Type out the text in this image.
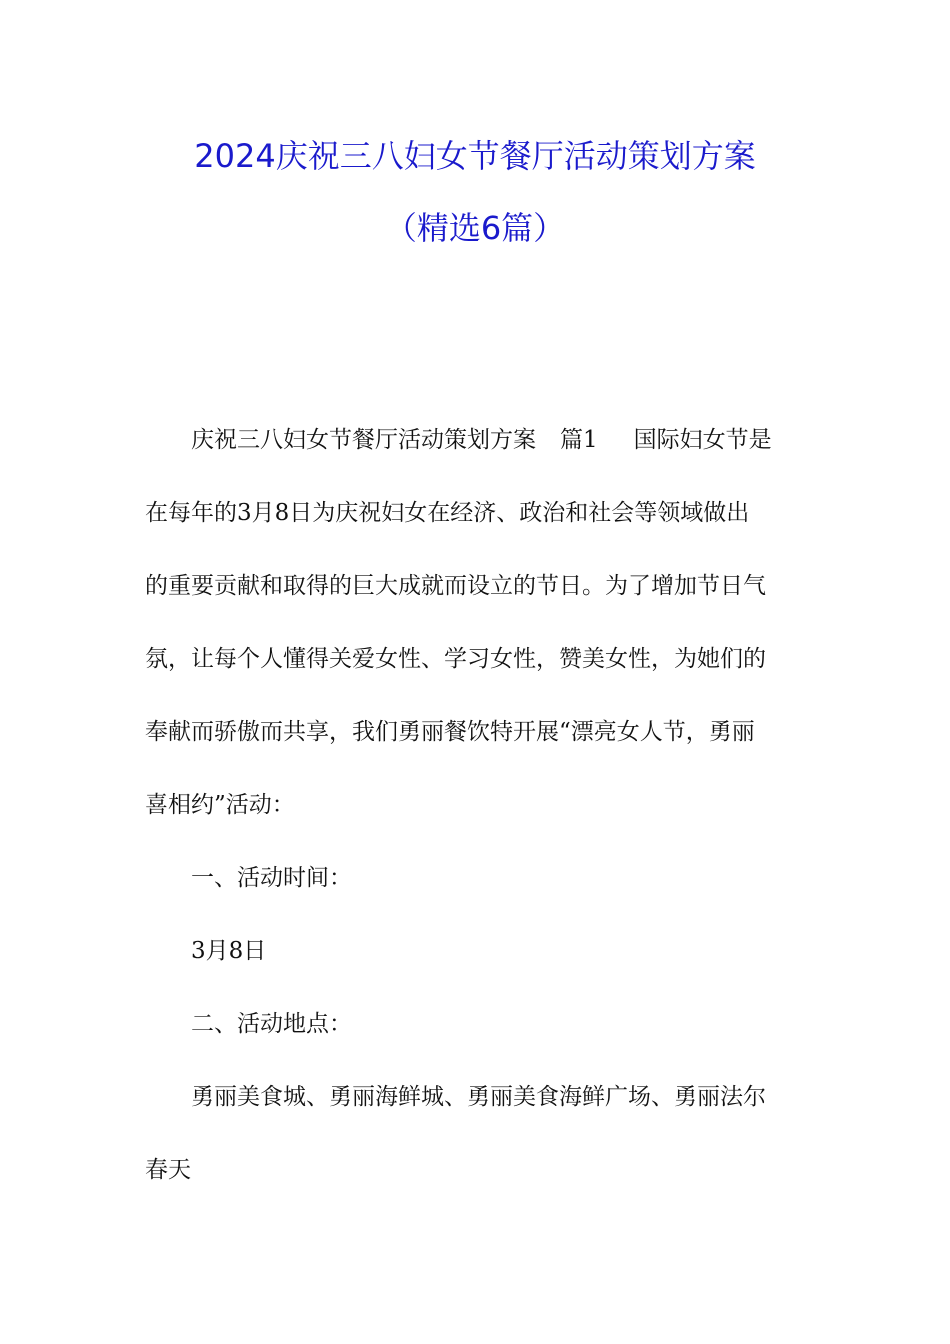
2024庆祝三八妇女节餐厅活动策划方案
（精选6篇）
庆祝三八妇女节餐厅活动策划方案 篇1 国际妇女节是
在每年的3月8日为庆祝妇女在经济、政治和社会等领域做出
的重要贡献和取得的巨大成就而设立的节日。为了增加节日气
氛，让每个人懂得关爱女性、学习女性，赞美女性，为她们的
奉献而骄傲而共享，我们勇丽餐饮特开展“漂亮女人节，勇丽
喜相约”活动：
一、活动时间：
3月8日
二、活动地点：
勇丽美食城、勇丽海鲜城、勇丽美食海鲜广场、勇丽法尔
春天
